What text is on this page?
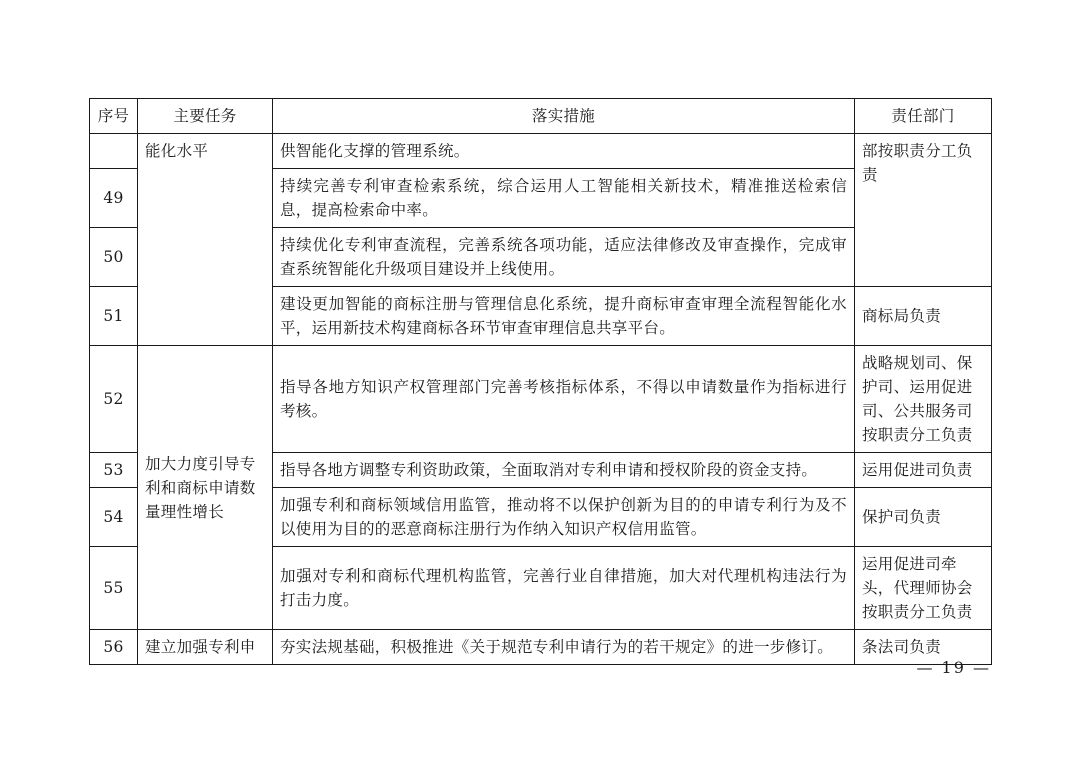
序号	主要任务	落实措施	责任部门
	能化水平	供智能化支撑的管理系统。	部按职责分工负责
49		持续完善专利审查检索系统，综合运用人工智能相关新技术，精准推送检索信息，提高检索命中率。	
50		持续优化专利审查流程，完善系统各项功能，适应法律修改及审查操作，完成审查系统智能化升级项目建设并上线使用。	
51		建设更加智能的商标注册与管理信息化系统，提升商标审查审理全流程智能化水平，运用新技术构建商标各环节审查审理信息共享平台。	商标局负责
52	加大力度引导专利和商标申请数量理性增长	指导各地方知识产权管理部门完善考核指标体系，不得以申请数量作为指标进行考核。	战略规划司、保护司、运用促进司、公共服务司按职责分工负责
53		指导各地方调整专利资助政策，全面取消对专利申请和授权阶段的资金支持。	运用促进司负责
54		加强专利和商标领域信用监管，推动将不以保护创新为目的的申请专利行为及不以使用为目的的恶意商标注册行为作纳入知识产权信用监管。	保护司负责
55		加强对专利和商标代理机构监管，完善行业自律措施，加大对代理机构违法行为打击力度。	运用促进司牵头，代理师协会按职责分工负责
56	建立加强专利申	夯实法规基础，积极推进《关于规范专利申请行为的若干规定》的进一步修订。	条法司负责
— 19 —
